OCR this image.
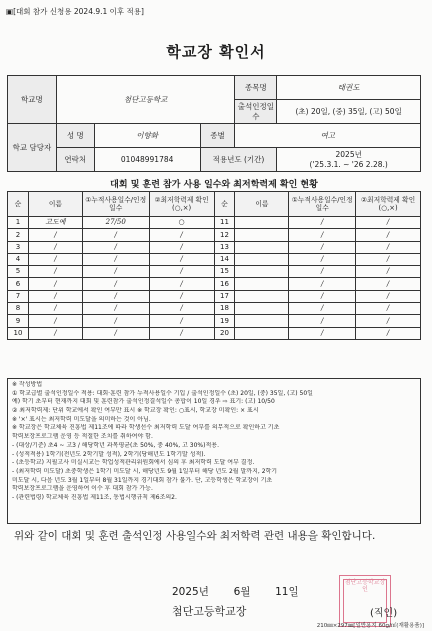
▣[대회 참가 신청용 2024.9.1 이후 적용]
학교장 확인서
학교명	첨단고등학교			종목명	태권도
				출석인정일수	(초) 20일, (중) 35일, (고) 50일
학교 담당자	성 명	이향화	종별	여고	
	연락처	01048991784	적용년도 (기간)		2025년
('25.3.1. ~ '26 2.28.)
대회 및 훈련 참가 사용 일수와 최저학력제 확인 현황
순	이름	①누적사용일수/인정일수	②최저학력제 확인(○,×)	순	이름	①누적사용일수/인정일수	②최저학력제 확인(○,×)
1	고도예	27/50	○	11		/	/
2	/	/	/	12		/	/
3	/	/	/	13		/	/
4	/	/	/	14		/	/
5	/	/	/	15		/	/
6	/	/	/	16		/	/
7	/	/	/	17		/	/
8	/	/	/	18		/	/
9	/	/	/	19		/	/
10	/	/	/	20		/	/
※ 작성방법
① 학교급별 출석인정일수 적용: 대회·훈련 참가 누적사용일수 기입 / 출석인정일수 (초) 20일, (중) 35일, (고) 50일
예) 학기 초부터 현재까지 대회 및 훈련참가 출석인정결석일수 총합이 10일 경우 ⇨ 표기: (고) 10/50
② 최저학력제: 단위 학교에서 확인 여부만 표시 ※ 학교장 확인: ○표시, 학교장 미확인: × 표시
※ '×' 표시는 최저학력 미도달을 의미하는 것이 아님.
※ 학교장은 학교체육 진흥법 제11조에 따라 학생선수 최저학력 도달 여부를 의무적으로 확인하고 기초
학력보장프로그램 운영 등 적절한 조치를 취하여야 함.
- (대상/기준) 초4 ~ 고3 / 해당학년 과목평균(초 50%, 중 40%, 고 30%)적용.
- (성적적용) 1학기(전년도 2학기말 성적), 2학기(당해년도 1학기말 성적).
- (초등학교) 지필고사 미실시교는 학업성적관리위원회에서 심의 후 최저학력 도달 여부 결정.
- (최저학력 미도달) 초중학생은 1학기 미도달 시, 해당년도 9월 1일부터 해당 년도 2월 말까지, 2학기
미도달 시, 다음 년도 3월 1일부터 8월 31일까지 경기대회 참가 불가. 단, 고등학생은 학교장이 기초
학력보장프로그램을 운영하여 이수 후 대회 참가 가능.
- (관련법령) 학교체육 진흥법 제11조, 동법시행규칙 제6조의2.
위와 같이 대회 및 훈련 출석인정 사용일수와 최저학력 관련 내용을 확인합니다.
2025년 6월 11일
첨단고등학교장
첨단고등학교장인
(직인)
210㎜×297㎜[일반용지 60g/㎡(재활용품)]
